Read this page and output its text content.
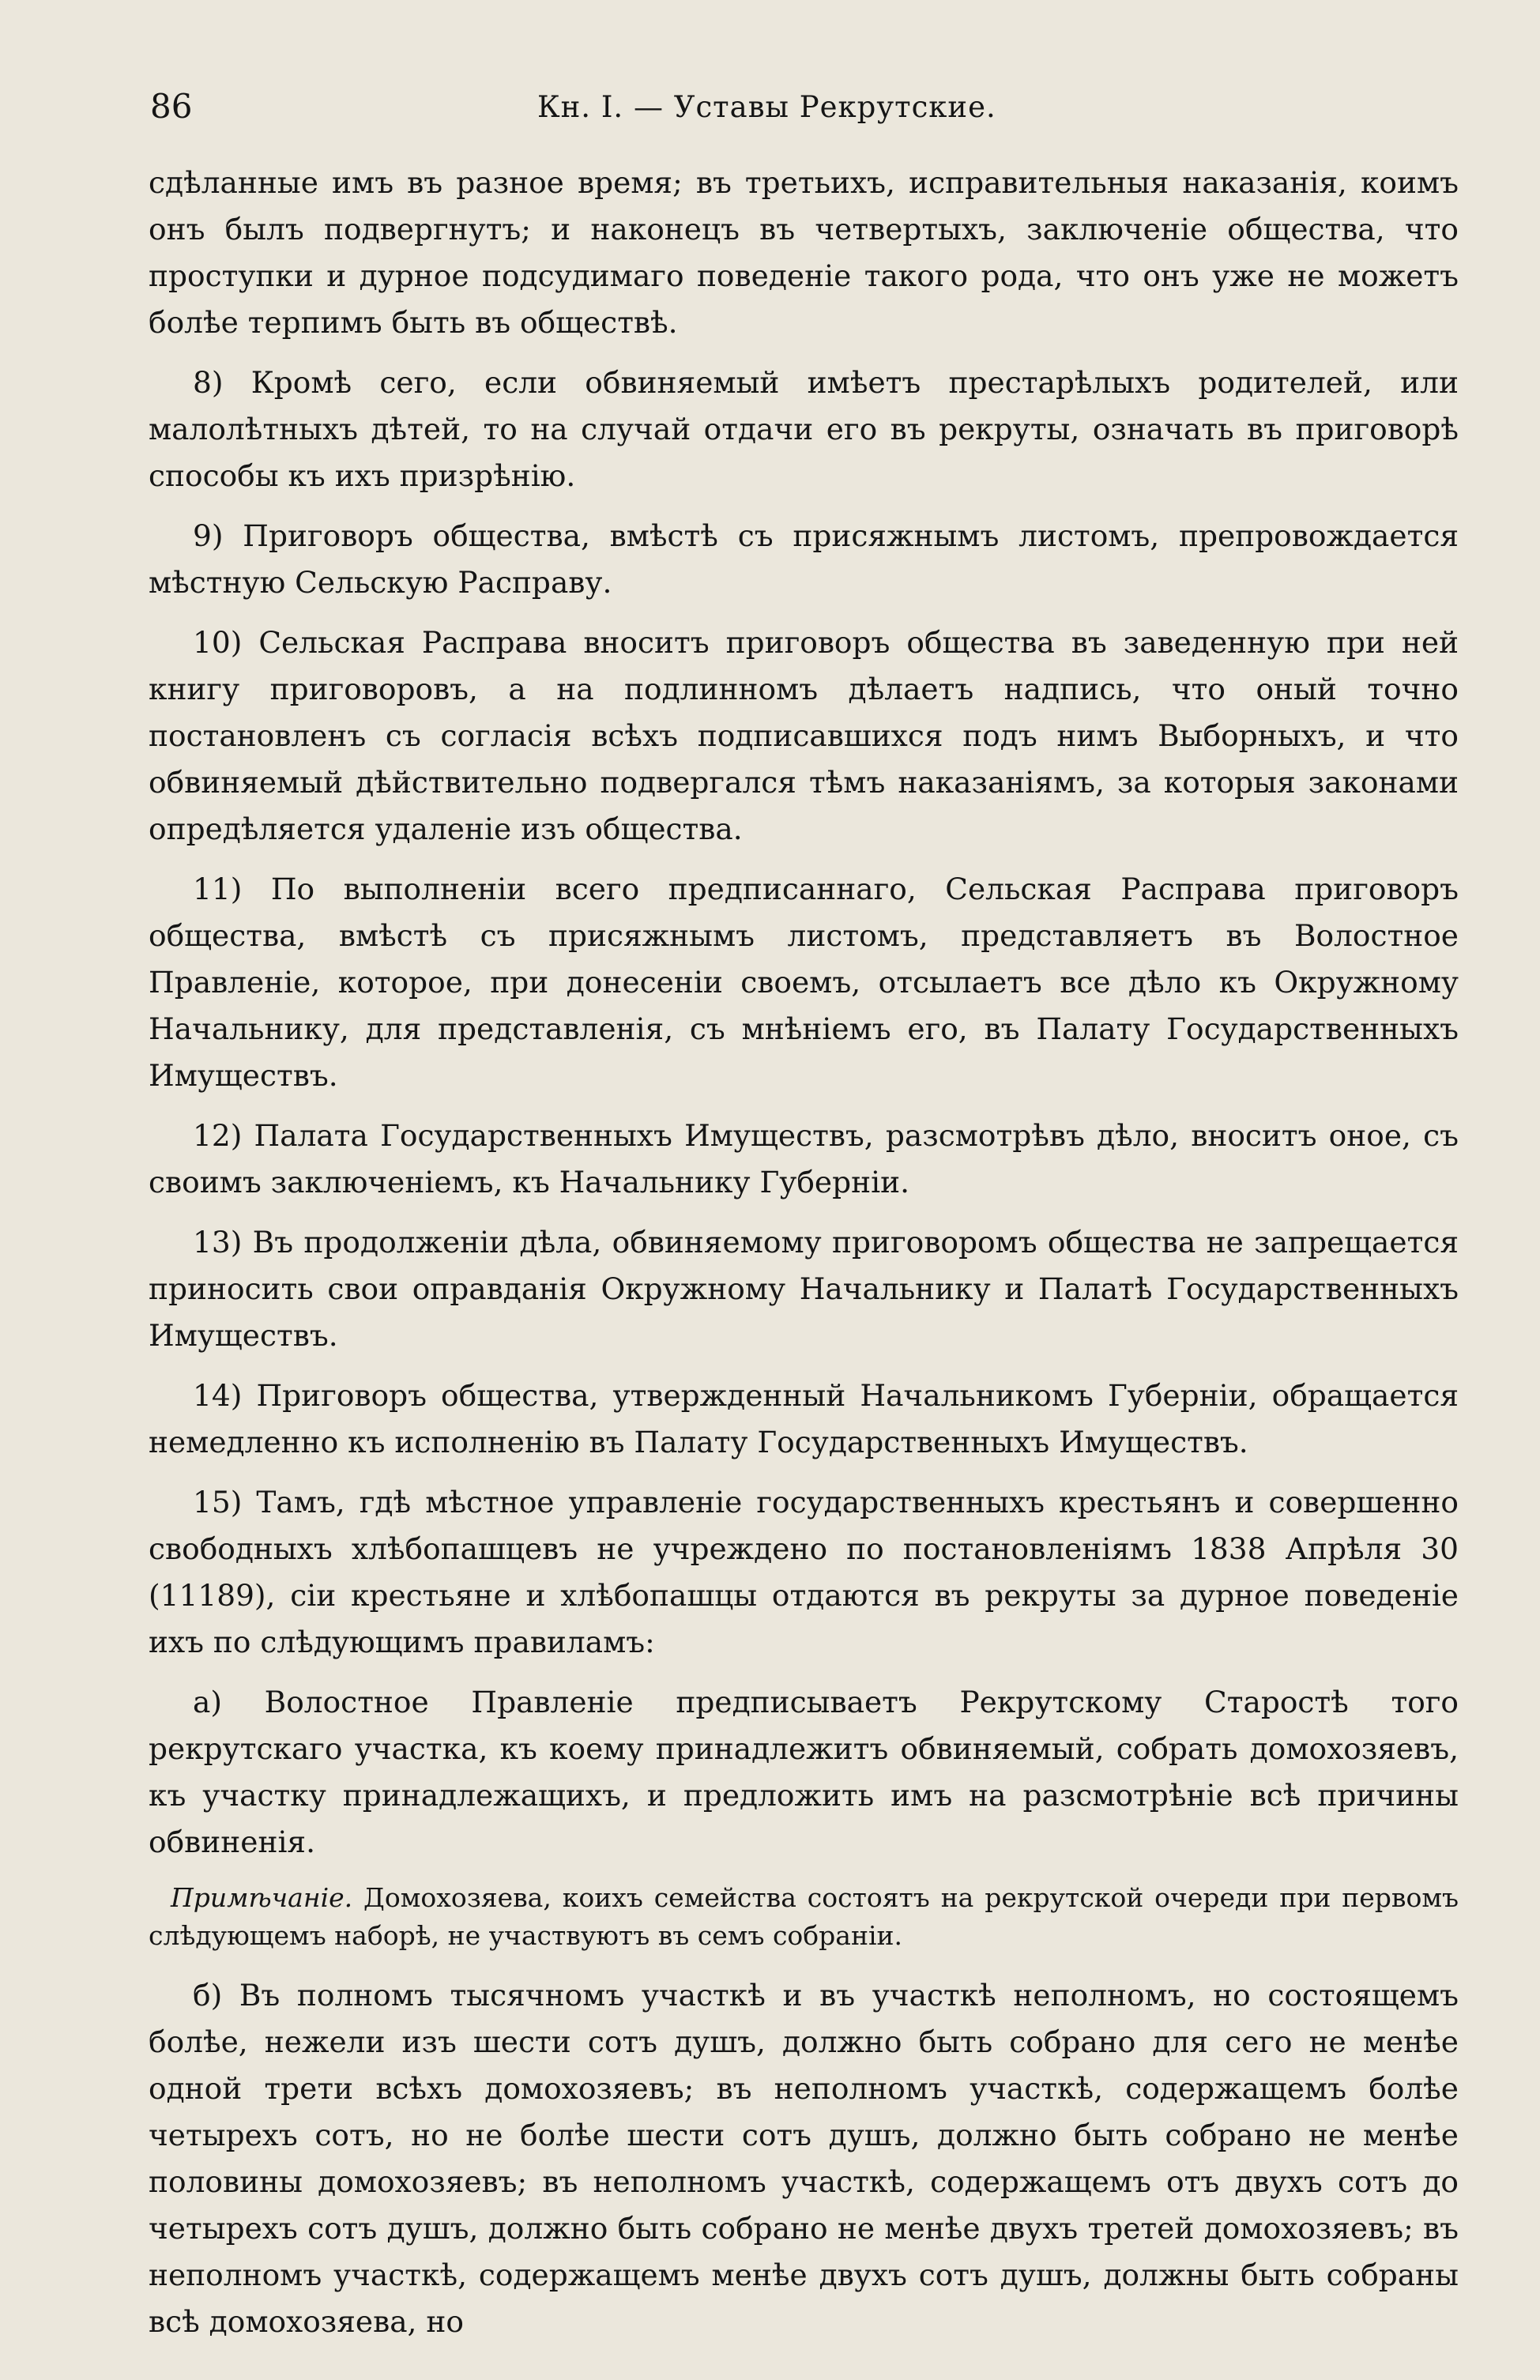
86	Кн. I. — Уставы Рекрутские.

сдѣланные имъ въ разное время; въ третьихъ, исправительныя наказанія, коимъ онъ былъ подвергнутъ; и наконецъ въ четвертыхъ, заключеніе общества, что проступки и дурное подсудимаго поведеніе такого рода, что онъ уже не можетъ болѣе терпимъ быть въ обществѣ.

8) Кромѣ сего, если обвиняемый имѣетъ престарѣлыхъ родителей, или малолѣтныхъ дѣтей, то на случай отдачи его въ рекруты, означать въ приговорѣ способы къ ихъ призрѣнію.

9) Приговоръ общества, вмѣстѣ съ присяжнымъ листомъ, препровождается мѣстную Сельскую Расправу.

10) Сельская Расправа вноситъ приговоръ общества въ заведенную при ней книгу приговоровъ, а на подлинномъ дѣлаетъ надпись, что оный точно постановленъ съ согласія всѣхъ подписавшихся подъ нимъ Выборныхъ, и что обвиняемый дѣйствительно подвергался тѣмъ наказаніямъ, за которыя законами опредѣляется удаленіе изъ общества.

11) По выполненіи всего предписаннаго, Сельская Расправа приговоръ общества, вмѣстѣ съ присяжнымъ листомъ, представляетъ въ Волостное Правленіе, которое, при донесеніи своемъ, отсылаетъ все дѣло къ Окружному Начальнику, для представленія, съ мнѣніемъ его, въ Палату Государственныхъ Имуществъ.

12) Палата Государственныхъ Имуществъ, разсмотрѣвъ дѣло, вноситъ оное, съ своимъ заключеніемъ, къ Начальнику Губерніи.

13) Въ продолженіи дѣла, обвиняемому приговоромъ общества не запрещается приносить свои оправданія Окружному Начальнику и Палатѣ Государственныхъ Имуществъ.

14) Приговоръ общества, утвержденный Начальникомъ Губерніи, обращается немедленно къ исполненію въ Палату Государственныхъ Имуществъ.

15) Тамъ, гдѣ мѣстное управленіе государственныхъ крестьянъ и совершенно свободныхъ хлѣбопашцевъ не учреждено по постановленіямъ 1838 Апрѣля 30 (11189), сіи крестьяне и хлѣбопашцы отдаются въ рекруты за дурное поведеніе ихъ по слѣдующимъ правиламъ:

а) Волостное Правленіе предписываетъ Рекрутскому Старостѣ того рекрутскаго участка, къ коему принадлежитъ обвиняемый, собрать домохозяевъ, къ участку принадлежащихъ, и предложить имъ на разсмотрѣніе всѣ причины обвиненія.

Примѣчаніе. Домохозяева, коихъ семейства состоятъ на рекрутской очереди при первомъ слѣдующемъ наборѣ, не участвуютъ въ семъ собраніи.

б) Въ полномъ тысячномъ участкѣ и въ участкѣ неполномъ, но состоящемъ болѣе, нежели изъ шести сотъ душъ, должно быть собрано для сего не менѣе одной трети всѣхъ домохозяевъ; въ неполномъ участкѣ, содержащемъ болѣе четырехъ сотъ, но не болѣе шести сотъ душъ, должно быть собрано не менѣе половины домохозяевъ; въ неполномъ участкѣ, содержащемъ отъ двухъ сотъ до четырехъ сотъ душъ, должно быть собрано не менѣе двухъ третей домохозяевъ; въ неполномъ участкѣ, содержащемъ менѣе двухъ сотъ душъ, должны быть собраны всѣ домохозяева, но
